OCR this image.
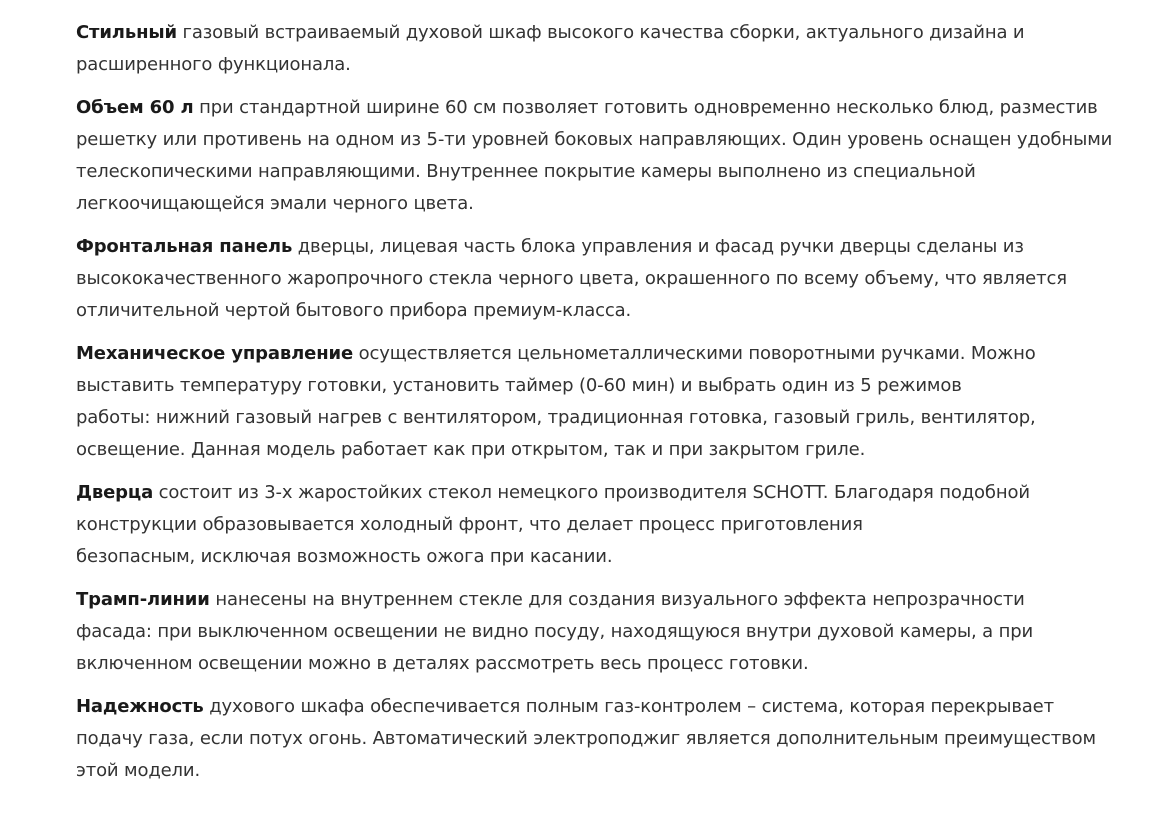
Стильный газовый встраиваемый духовой шкаф высокого качества сборки, актуального дизайна и
расширенного функционала.

Объем 60 л при стандартной ширине 60 см позволяет готовить одновременно несколько блюд, разместив
решетку или противень на одном из 5-ти уровней боковых направляющих. Один уровень оснащен удобными
телескопическими направляющими. Внутреннее покрытие камеры выполнено из специальной
легкоочищающейся эмали черного цвета.

Фронтальная панель дверцы, лицевая часть блока управления и фасад ручки дверцы сделаны из
высококачественного жаропрочного стекла черного цвета, окрашенного по всему объему, что является
отличительной чертой бытового прибора премиум-класса.

Механическое управление осуществляется цельнометаллическими поворотными ручками. Можно
выставить температуру готовки, установить таймер (0-60 мин) и выбрать один из 5 режимов
работы: нижний газовый нагрев с вентилятором, традиционная готовка, газовый гриль, вентилятор,
освещение. Данная модель работает как при открытом, так и при закрытом гриле.

Дверца состоит из 3-х жаростойких стекол немецкого производителя SCHOTT. Благодаря подобной
конструкции образовывается холодный фронт, что делает процесс приготовления
безопасным, исключая возможность ожога при касании.

Трамп-линии нанесены на внутреннем стекле для создания визуального эффекта непрозрачности
фасада: при выключенном освещении не видно посуду, находящуюся внутри духовой камеры, а при
включенном освещении можно в деталях рассмотреть весь процесс готовки.

Надежность духового шкафа обеспечивается полным газ-контролем – система, которая перекрывает
подачу газа, если потух огонь. Автоматический электроподжиг является дополнительным преимуществом
этой модели.
